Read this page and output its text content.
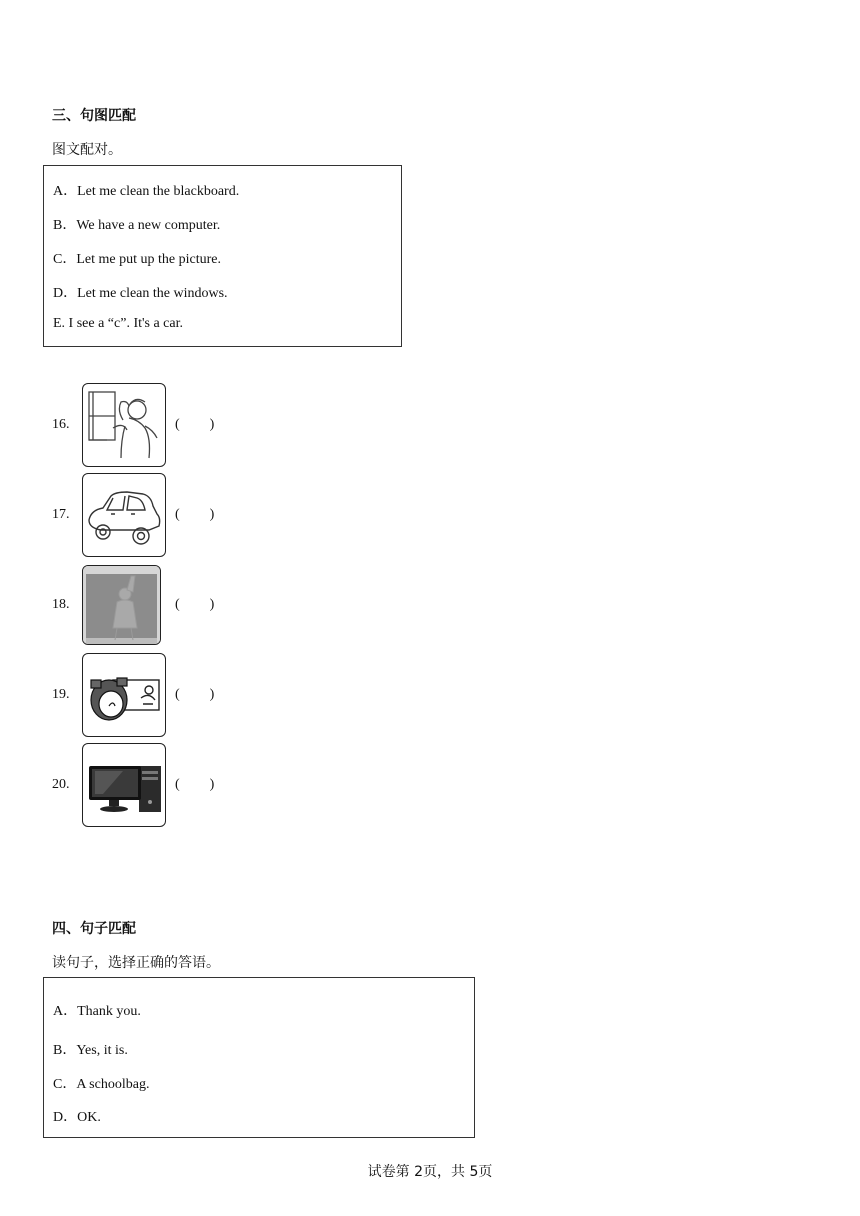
三、句图匹配
图文配对。
A．Let me clean the blackboard.
B．We have a new computer.
C．Let me put up the picture.
D．Let me clean the windows.
E. I see a “c”. It's a car.
16.	( )
17.	( )
18.	( )
19.	( )
20.	( )
四、句子匹配
读句子，选择正确的答语。
A．Thank you.
B．Yes, it is.
C．A schoolbag.
D．OK.
试卷第 2页，共 5页
